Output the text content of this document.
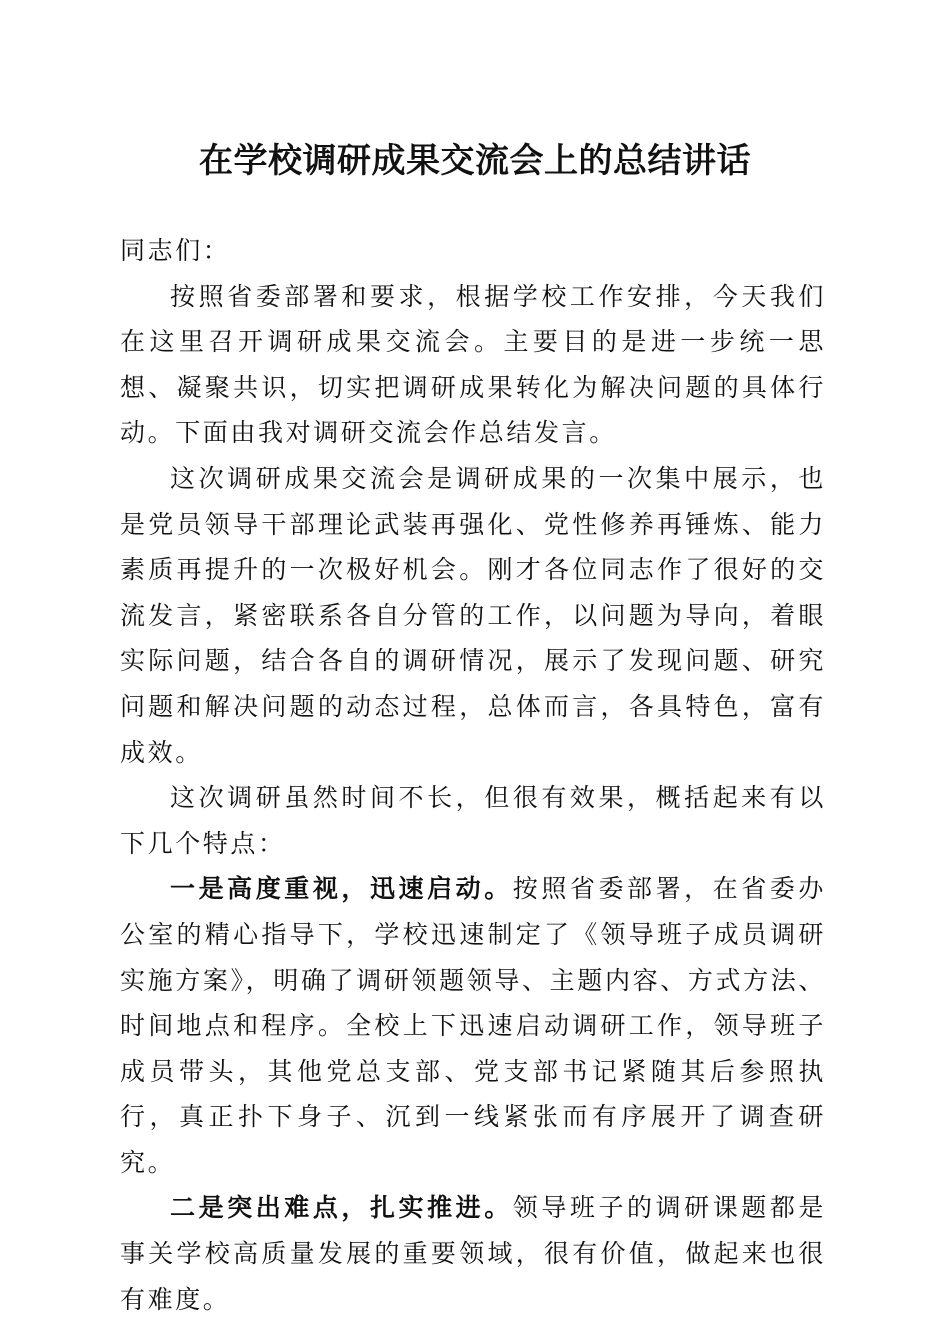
在学校调研成果交流会上的总结讲话

同志们：

按照省委部署和要求，根据学校工作安排，今天我们在这里召开调研成果交流会。主要目的是进一步统一思想、凝聚共识，切实把调研成果转化为解决问题的具体行动。下面由我对调研交流会作总结发言。

这次调研成果交流会是调研成果的一次集中展示，也是党员领导干部理论武装再强化、党性修养再锤炼、能力素质再提升的一次极好机会。刚才各位同志作了很好的交流发言，紧密联系各自分管的工作，以问题为导向，着眼实际问题，结合各自的调研情况，展示了发现问题、研究问题和解决问题的动态过程，总体而言，各具特色，富有成效。

这次调研虽然时间不长，但很有效果，概括起来有以下几个特点：

一是高度重视，迅速启动。按照省委部署，在省委办公室的精心指导下，学校迅速制定了《领导班子成员调研实施方案》，明确了调研领题领导、主题内容、方式方法、时间地点和程序。全校上下迅速启动调研工作，领导班子成员带头，其他党总支部、党支部书记紧随其后参照执行，真正扑下身子、沉到一线紧张而有序展开了调查研究。

二是突出难点，扎实推进。领导班子的调研课题都是事关学校高质量发展的重要领域，很有价值，做起来也很有难度。
